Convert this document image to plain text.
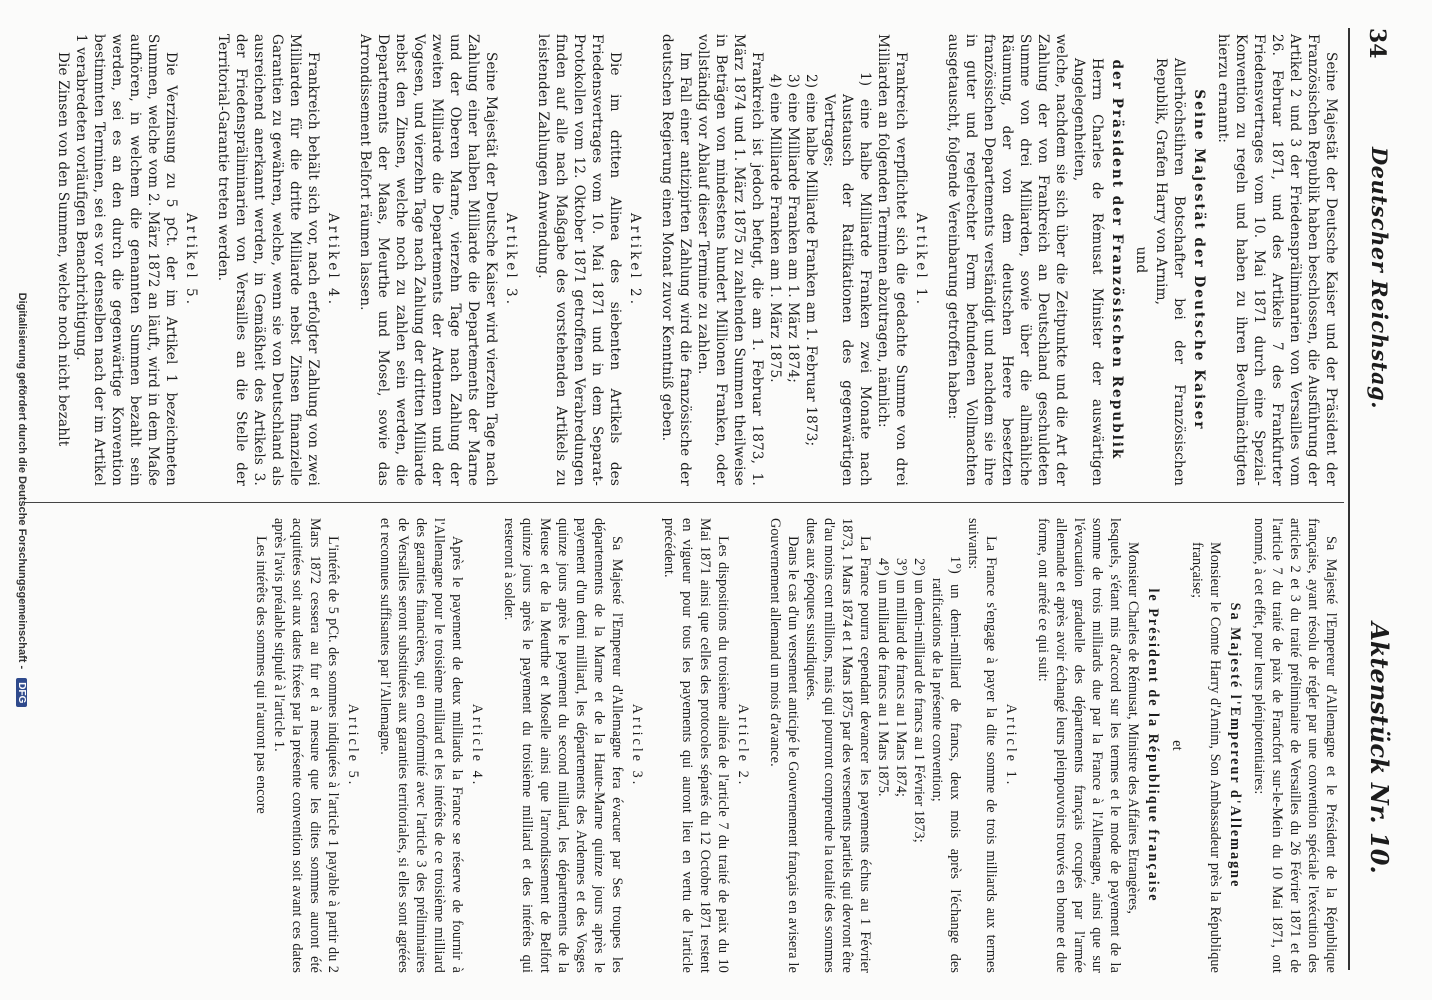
34
Deutscher Reichstag.
Aktenstück Nr. 10.

Seine Majestät der Deutsche Kaiser und der Präsident der Französischen Republik haben beschlossen, die Ausführung der Artikel 2 und 3 der Friedenspräliminarien von Versailles vom 26. Februar 1871, und des Artikels 7 des Frankfurter Friedensvertrages vom 10. Mai 1871 durch eine Spezial-Konvention zu regeln und haben zu ihren Bevollmächtigten hierzu ernannt:

Seine Majestät der Deutsche Kaiser

Allerhöchstihren Botschafter bei der Französischen Republik, Grafen Harry von Arnim,

und

der Präsident der Französischen Republik

Herrn Charles de Rémusat Minister der auswärtigen Angelegenheiten,

welche, nachdem sie sich über die Zeitpunkte und die Art der Zahlung der von Frankreich an Deutschland geschuldeten Summe von drei Milliarden, sowie über die allmähliche Räumung, der von dem deutschen Heere besetzten französischen Departements verständigt und nachdem sie ihre in guter und regelrechter Form befundenen Vollmachten ausgetauscht, folgende Vereinbarung getroffen haben:

Artikel 1.

Frankreich verpflichtet sich die gedachte Summe von drei Milliarden an folgenden Terminen abzutragen, nämlich:

1) eine halbe Milliarde Franken zwei Monate nach Austausch der Ratifikationen des gegenwärtigen Vertrages;

2) eine halbe Milliarde Franken am 1. Februar 1873;

3) eine Milliarde Franken am 1. März 1874;

4) eine Milliarde Franken am 1. März 1875.

Frankreich ist jedoch befugt, die am 1. Februar 1873, 1. März 1874 und 1. März 1875 zu zahlenden Summen theilweise in Beträgen von mindestens hundert Millionen Franken, oder vollständig vor Ablauf dieser Termine zu zahlen.

Im Fall einer antizipirten Zahlung wird die französische der deutschen Regierung einen Monat zuvor Kenntniß geben.

Artikel 2.

Die im dritten Alinea des siebenten Artikels des Friedensvertrages vom 10. Mai 1871 und in dem Separat-Protokollen vom 12. Oktober 1871 getroffenen Verabredungen finden auf alle nach Maßgabe des vorstehenden Artikels zu leistenden Zahlungen Anwendung.

Artikel 3.

Seine Majestät der Deutsche Kaiser wird vierzehn Tage nach Zahlung einer halben Milliarde die Departements der Marne und der Oberen Marne, vierzehn Tage nach Zahlung der zweiten Milliarde die Departements der Ardennen und der Vogesen, und vierzehn Tage nach Zahlung der dritten Milliarde nebst den Zinsen, welche noch zu zahlen sein werden, die Departements der Maas, Meurthe und Mosel, sowie das Arrondissement Belfort räumen lassen.

Artikel 4.

Frankreich behält sich vor, nach erfolgter Zahlung von zwei Milliarden für die dritte Milliarde nebst Zinsen finanzielle Garantien zu gewähren, welche, wenn sie von Deutschland als ausreichend anerkannt werden, in Gemäßheit des Artikels 3. der Friedenspräliminarien von Versailles an die Stelle der Territorial-Garantie treten werden.

Artikel 5.

Die Verzinsung zu 5 pCt. der im Artikel 1 bezeichneten Summen, welche vom 2. März 1872 an läuft, wird in dem Maße aufhören, in welchem die genannten Summen bezahlt sein werden, sei es an den durch die gegenwärtige Konvention bestimmten Terminen, sei es vor denselben nach der im Artikel 1 verabredeten vorläufigen Benachrichtigung.

Die Zinsen von den Summen, welche noch nicht bezahlt

Sa Majesté l'Empereur d'Allemagne et le Président de la République française, ayant résolu de régler par une convention spéciale l'exécution des articles 2 et 3 du traité préliminaire de Versailles du 26 Février 1871 et de l'article 7 du traité de paix de Francfort sur-le-Mein du 10 Mai 1871, ont nommé, à cet effet, pour leurs plénipotentiaires:

Sa Majesté l'Empereur d'Allemagne

Monsieur le Comte Harry d'Arnim, Son Ambassadeur près la République française;

et

le Président de la République française

Monsieur Charles de Rémusat, Ministre des Affaires Etrangères,

lesquels, s'étant mis d'accord sur les termes et le mode de payement de la somme de trois milliards due par la France à l'Allemagne, ainsi que sur l'évacuation graduelle des départements français occupés par l'armée allemande et après avoir échangé leurs pleinpouvoirs trouvés en bonne et due forme, ont arrêté ce qui suit:

Article 1.

La France s'engage à payer la dite somme de trois milliards aux termes suivants:

1°) un demi-milliard de francs, deux mois après l'échange des ratifications de la présente convention;

2°) un demi-milliard de francs au 1 Février 1873;

3°) un milliard de francs au 1 Mars 1874;

4°) un milliard de francs au 1 Mars 1875.

La France pourra cependant devancer les payements échus au 1 Février 1873, 1 Mars 1874 et 1 Mars 1875 par des versements partiels qui devront être d'au moins cent millions, mais qui pourront comprendre la totalité des sommes dues aux époques susindiquées.

Dans le cas d'un versement anticipé le Gouvernement français en avisera le Gouvernement allemand un mois d'avance.

Article 2.

Les dispositions du troisième alinéa de l'article 7 du traité de paix du 10 Mai 1871 ainsi que celles des protocoles séparés du 12 Octobre 1871 restent en vigueur pour tous les payements qui auront lieu en vertu de l'article précédent.

Article 3.

Sa Majesté l'Empereur d'Allemagne fera évacuer par Ses troupes les départements de la Marne et de la Haute-Marne quinze jours après le payement d'un demi milliard, les départements des Ardennes et des Vosges quinze jours après le payement du second milliard, les départements de la Meuse et de la Meurthe et Moselle ainsi que l'arrondissement de Belfort quinze jours après le payement du troisième milliard et des intérêts qui resteront à solder.

Article 4.

Après le payement de deux milliards la France se réserve de fournir à l'Allemagne pour le troisième milliard et les intérêts de ce troisième milliard des garanties financières, qui en conformité avec l'article 3 des préliminaires de Versailles seront substituées aux garanties territoriales, si elles sont agréées et reconnues suffisantes par l'Allemagne.

Article 5.

L'intérêt de 5 pCt. des sommes indiquées à l'article 1 payable à partir du 2 Mars 1872 cessera au fur et à mesure que les dites sommes auront été acquittées soit aux dates fixées par la présente convention soit avant ces dates après l'avis préalable stipulé à l'article 1.

Les intérêts des sommes qui n'auront pas encore

Digitalisierung gefördert durch die Deutsche Forschungsgemeinschaft - DFG
